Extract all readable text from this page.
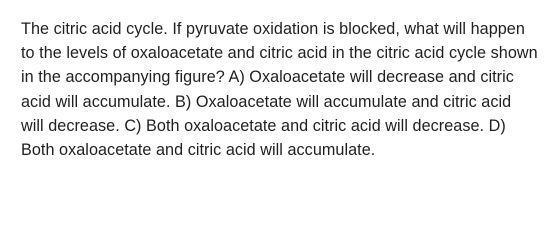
The citric acid cycle. If pyruvate oxidation is blocked, what will happen to the levels of oxaloacetate and citric acid in the citric acid cycle shown in the accompanying figure? A) Oxaloacetate will decrease and citric acid will accumulate. B) Oxaloacetate will accumulate and citric acid will decrease. C) Both oxaloacetate and citric acid will decrease. D) Both oxaloacetate and citric acid will accumulate.
